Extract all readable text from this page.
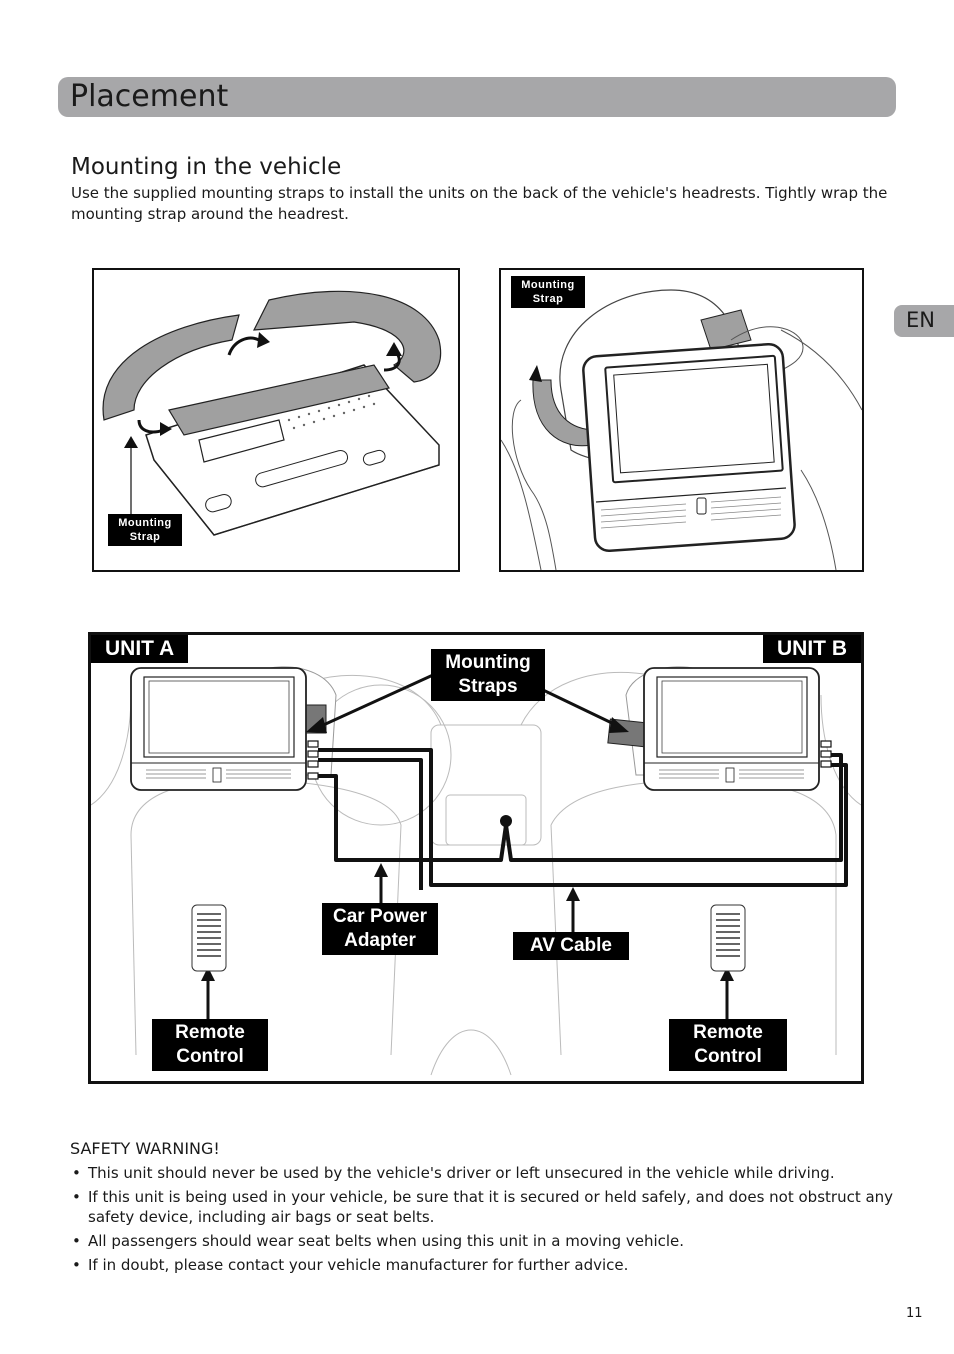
Placement
EN
Mounting in the vehicle

Use the supplied mounting straps to install the units on the back of the vehicle's headrests. Tightly wrap the mounting strap around the headrest.

Mounting Strap
Mounting Strap
UNIT A	UNIT B
Mounting Straps
Car Power Adapter	AV Cable
Remote Control
Remote Control
SAFETY WARNING!
• This unit should never be used by the vehicle's driver or left unsecured in the vehicle while driving.
• If this unit is being used in your vehicle, be sure that it is secured or held safely, and does not obstruct any safety device, including air bags or seat belts.
• All passengers should wear seat belts when using this unit in a moving vehicle.
• If in doubt, please contact your vehicle manufacturer for further advice.
11
